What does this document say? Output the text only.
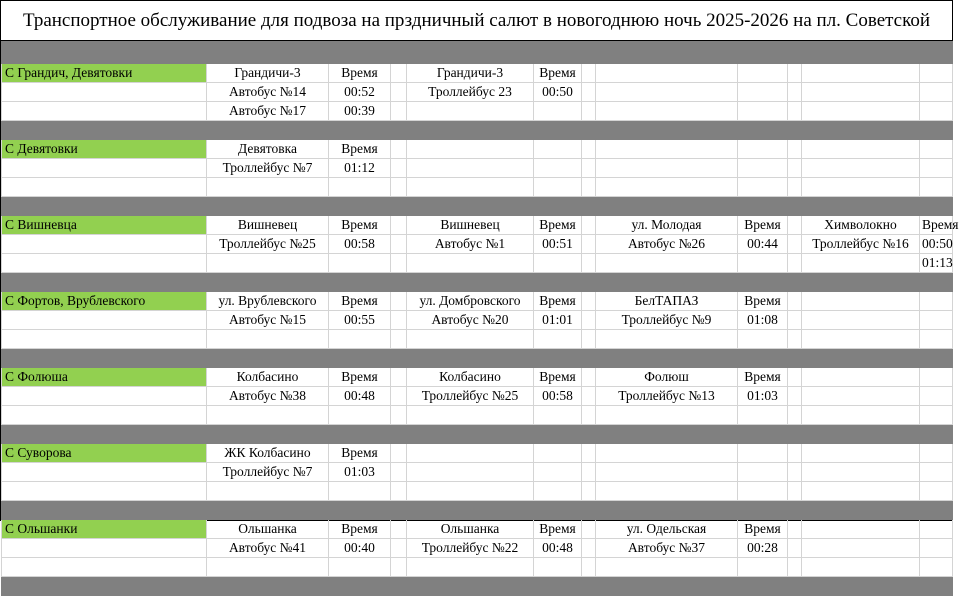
Транспортное обслуживание для подвоза на прздничный салют в новогоднюю ночь 2025-2026 на пл. Советской

С Грандич, Девятовки	Грандичи-3	Время		Грандичи-3	Время						
	Автобус №14	00:52		Троллейбус 23	00:50						
	Автобус №17	00:39									

С Девятовки	Девятовка	Время									
	Троллейбус №7	01:12									

С Вишневца	Вишневец	Время		Вишневец	Время		ул. Молодая	Время		Химволокно	Время
	Троллейбус №25	00:58		Автобус №1	00:51		Автобус №26	00:44		Троллейбус №16	00:50
											01:13

С Фортов, Врублевского	ул. Врублевского	Время		ул. Домбровского	Время		БелТАПАЗ	Время			
	Автобус №15	00:55		Автобус №20	01:01		Троллейбус №9	01:08			

С Фолюша	Колбасино	Время		Колбасино	Время		Фолюш	Время			
	Автобус №38	00:48		Троллейбус №25	00:58		Троллейбус №13	01:03			

С Суворова	ЖК Колбасино	Время									
	Троллейбус №7	01:03									

С Ольшанки	Ольшанка	Время		Ольшанка	Время		ул. Одельская	Время			
	Автобус №41	00:40		Троллейбус №22	00:48		Автобус №37	00:28			
